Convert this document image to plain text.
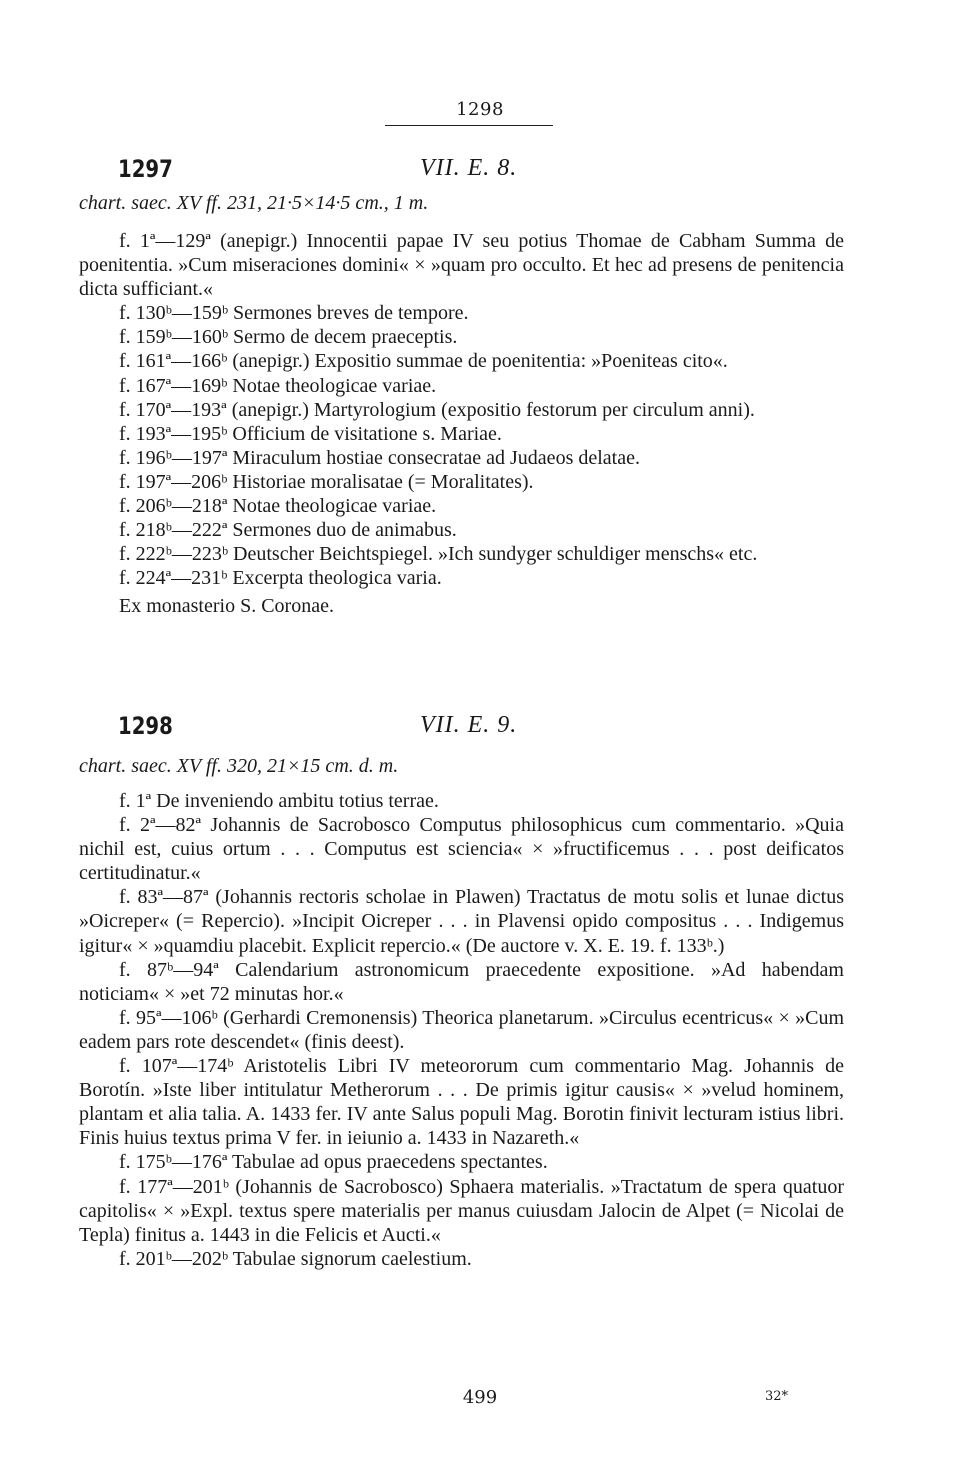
1298
1297	VII. E. 8.
chart. saec. XV ff. 231, 21·5×14·5 cm., 1 m.

f. 1ª—129ª (anepigr.) Innocentii papae IV seu potius Thomae de Cabham Summa de poenitentia. »Cum miseraciones domini« × »quam pro occulto. Et hec ad presens de penitencia dicta sufficiant.«

f. 130ᵇ—159ᵇ Sermones breves de tempore.

f. 159ᵇ—160ᵇ Sermo de decem praeceptis.

f. 161ª—166ᵇ (anepigr.) Expositio summae de poenitentia: »Poeniteas cito«.

f. 167ª—169ᵇ Notae theologicae variae.

f. 170ª—193ª (anepigr.) Martyrologium (expositio festorum per circulum anni).

f. 193ª—195ᵇ Officium de visitatione s. Mariae.

f. 196ᵇ—197ª Miraculum hostiae consecratae ad Judaeos delatae.

f. 197ª—206ᵇ Historiae moralisatae (= Moralitates).

f. 206ᵇ—218ª Notae theologicae variae.

f. 218ᵇ—222ª Sermones duo de animabus.

f. 222ᵇ—223ᵇ Deutscher Beichtspiegel. »Ich sundyger schuldiger menschs« etc.

f. 224ª—231ᵇ Excerpta theologica varia.

Ex monasterio S. Coronae.

1298	VII. E. 9.
chart. saec. XV ff. 320, 21×15 cm. d. m.

f. 1ª De inveniendo ambitu totius terrae.

f. 2ª—82ª Johannis de Sacrobosco Computus philosophicus cum commentario. »Quia nichil est, cuius ortum . . . Computus est sciencia« × »fructificemus . . . post deificatos certitudinatur.«

f. 83ª—87ª (Johannis rectoris scholae in Plawen) Tractatus de motu solis et lunae dictus »Oicreper« (= Repercio). »Incipit Oicreper . . . in Plavensi opido compositus . . . Indigemus igitur« × »quamdiu placebit. Explicit repercio.« (De auctore v. X. E. 19. f. 133ᵇ.)

f. 87ᵇ—94ª Calendarium astronomicum praecedente expositione. »Ad habendam noticiam« × »et 72 minutas hor.«

f. 95ª—106ᵇ (Gerhardi Cremonensis) Theorica planetarum. »Circulus ecentricus« × »Cum eadem pars rote descendet« (finis deest).

f. 107ª—174ᵇ Aristotelis Libri IV meteororum cum commentario Mag. Johannis de Borotín. »Iste liber intitulatur Metherorum . . . De primis igitur causis« × »velud hominem, plantam et alia talia. A. 1433 fer. IV ante Salus populi Mag. Borotin finivit lecturam istius libri. Finis huius textus prima V fer. in ieiunio a. 1433 in Nazareth.«

f. 175ᵇ—176ª Tabulae ad opus praecedens spectantes.

f. 177ª—201ᵇ (Johannis de Sacrobosco) Sphaera materialis. »Tractatum de spera quatuor capitolis« × »Expl. textus spere materialis per manus cuiusdam Jalocin de Alpet (= Nicolai de Tepla) finitus a. 1443 in die Felicis et Aucti.«

f. 201ᵇ—202ᵇ Tabulae signorum caelestium.

499	32*
